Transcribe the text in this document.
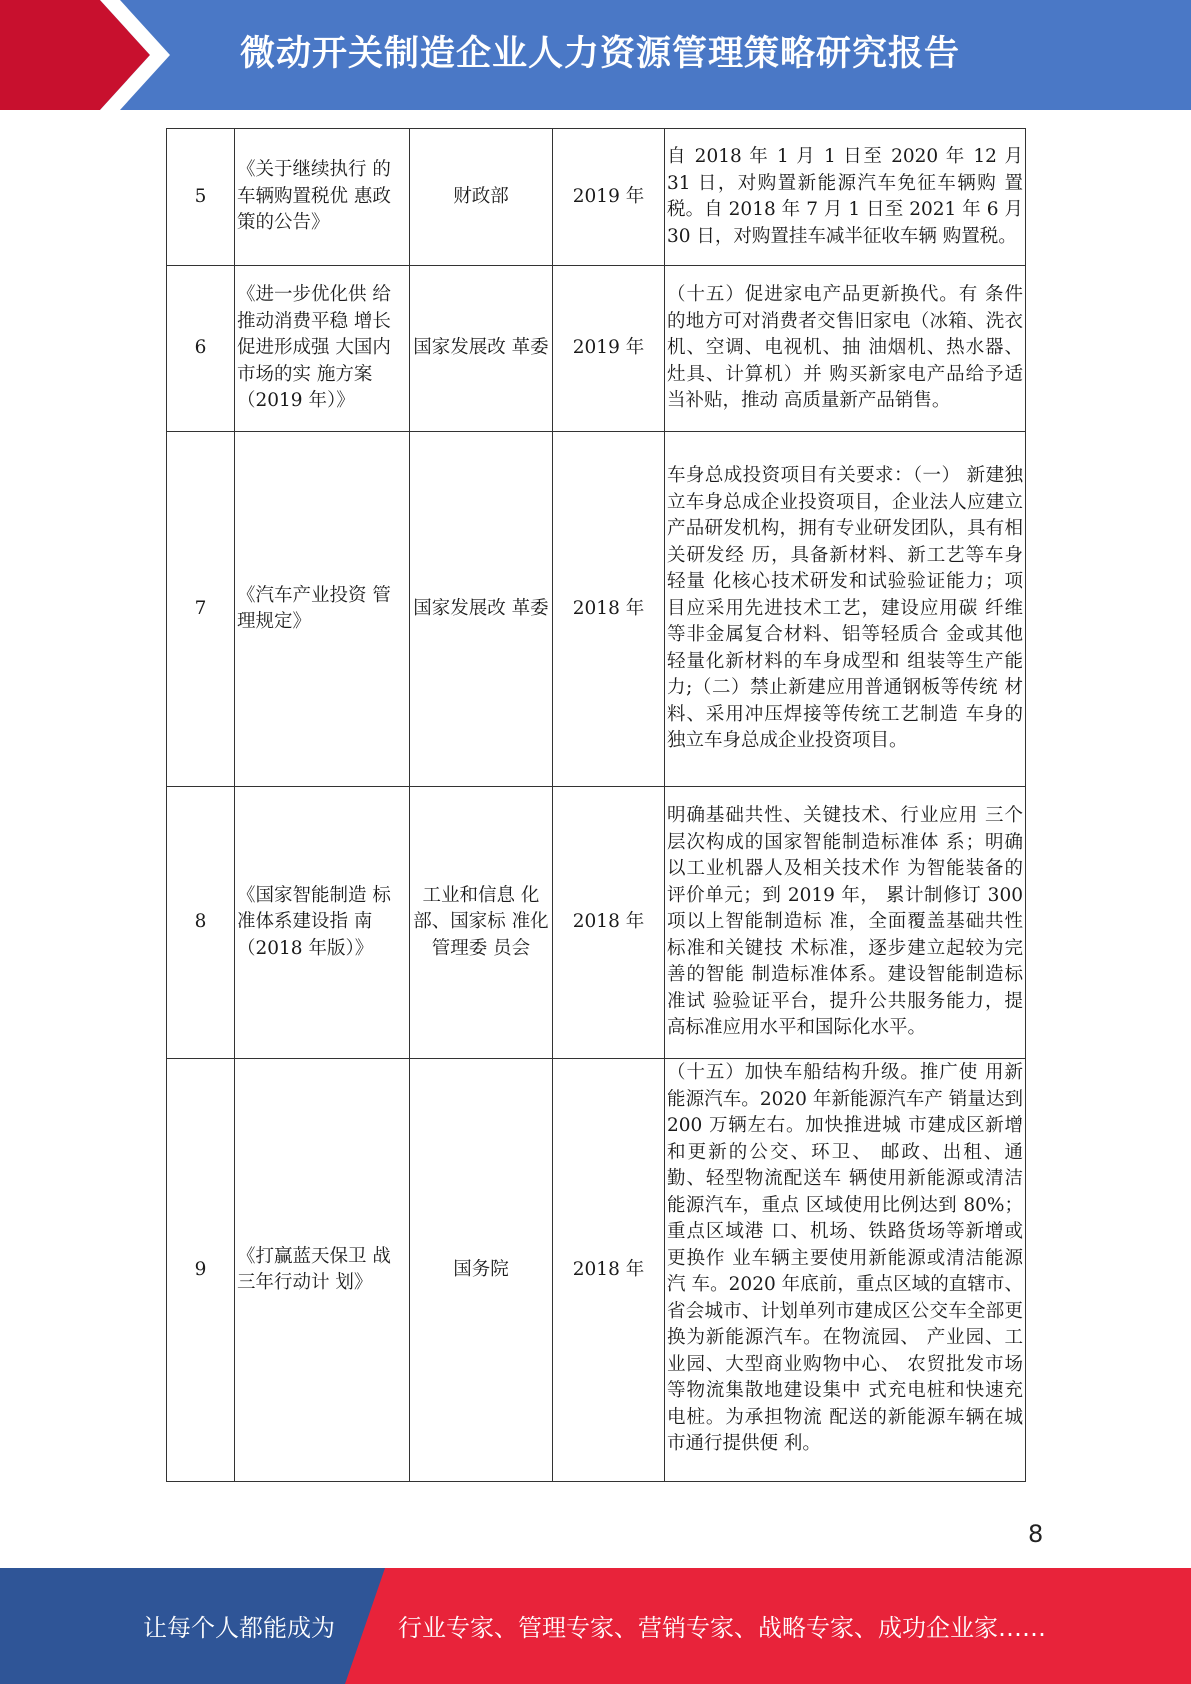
微动开关制造企业人力资源管理策略研究报告
5	《关于继续执行 的车辆购置税优 惠政策的公告》	财政部	2019 年	自 2018 年 1 月 1 日至 2020 年 12 月 31 日，对购置新能源汽车免征车辆购 置税。自 2018 年 7 月 1 日至 2021 年 6 月 30 日，对购置挂车减半征收车辆 购置税。
6	《进一步优化供 给推动消费平稳 增长促进形成强 大国内市场的实 施方案（2019 年）》	国家发展改 革委	2019 年	（十五）促进家电产品更新换代。有 条件的地方可对消费者交售旧家电（冰箱、洗衣机、空调、电视机、抽 油烟机、热水器、灶具、计算机）并 购买新家电产品给予适当补贴，推动 高质量新产品销售。
7	《汽车产业投资 管理规定》	国家发展改 革委	2018 年	车身总成投资项目有关要求：（一） 新建独立车身总成企业投资项目，企业法人应建立产品研发机构，拥有专业研发团队，具有相关研发经 历，具备新材料、新工艺等车身轻量 化核心技术研发和试验验证能力；项 目应采用先进技术工艺，建设应用碳 纤维等非金属复合材料、铝等轻质合 金或其他轻量化新材料的车身成型和 组装等生产能力;（二）禁止新建应用普通钢板等传统 材料、采用冲压焊接等传统工艺制造 车身的独立车身总成企业投资项目。
8	《国家智能制造 标准体系建设指 南（2018 年版）》	工业和信息 化部、国家标 准化管理委 员会	2018 年	明确基础共性、关键技术、行业应用 三个层次构成的国家智能制造标准体 系；明确以工业机器人及相关技术作 为智能装备的评价单元；到 2019 年， 累计制修订 300 项以上智能制造标 准，全面覆盖基础共性标准和关键技 术标准，逐步建立起较为完善的智能 制造标准体系。建设智能制造标准试 验验证平台，提升公共服务能力，提 高标准应用水平和国际化水平。
9	《打赢蓝天保卫 战三年行动计 划》	国务院	2018 年	（十五）加快车船结构升级。推广使 用新能源汽车。2020 年新能源汽车产 销量达到 200 万辆左右。加快推进城 市建成区新增和更新的公交、环卫、 邮政、出租、通勤、轻型物流配送车 辆使用新能源或清洁能源汽车，重点 区域使用比例达到 80%；重点区域港 口、机场、铁路货场等新增或更换作 业车辆主要使用新能源或清洁能源汽 车。2020 年底前，重点区域的直辖市、 省会城市、计划单列市建成区公交车全部更换为新能源汽车。在物流园、 产业园、工业园、大型商业购物中心、 农贸批发市场等物流集散地建设集中 式充电桩和快速充电桩。为承担物流 配送的新能源车辆在城市通行提供便 利。
8
让每个人都能成为	行业专家、管理专家、营销专家、战略专家、成功企业家……
